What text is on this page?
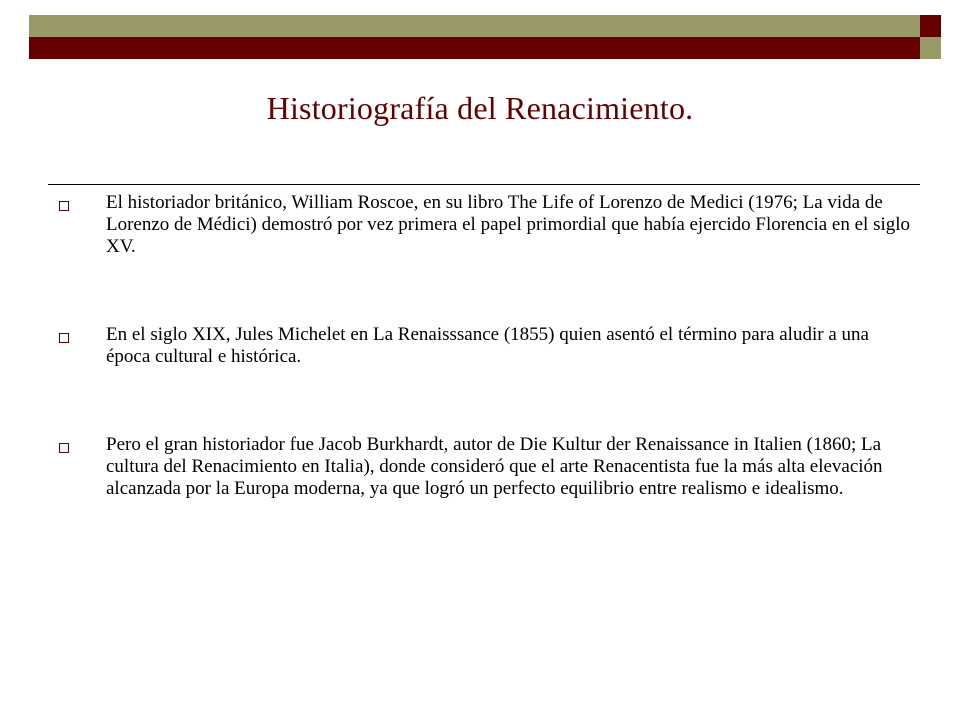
Historiografía del Renacimiento.

El historiador británico, William Roscoe, en su libro The Life of Lorenzo de Medici (1976; La vida de Lorenzo de Médici) demostró por vez primera el papel primordial que había ejercido Florencia en el siglo XV.

En el siglo XIX, Jules Michelet en La Renaisssance (1855) quien asentó el término para aludir a una época cultural e histórica.

Pero el gran historiador fue Jacob Burkhardt, autor de Die Kultur der Renaissance in Italien (1860; La cultura del Renacimiento en Italia), donde consideró que el arte Renacentista fue la más alta elevación alcanzada por la Europa moderna, ya que logró un perfecto equilibrio entre realismo e idealismo.
